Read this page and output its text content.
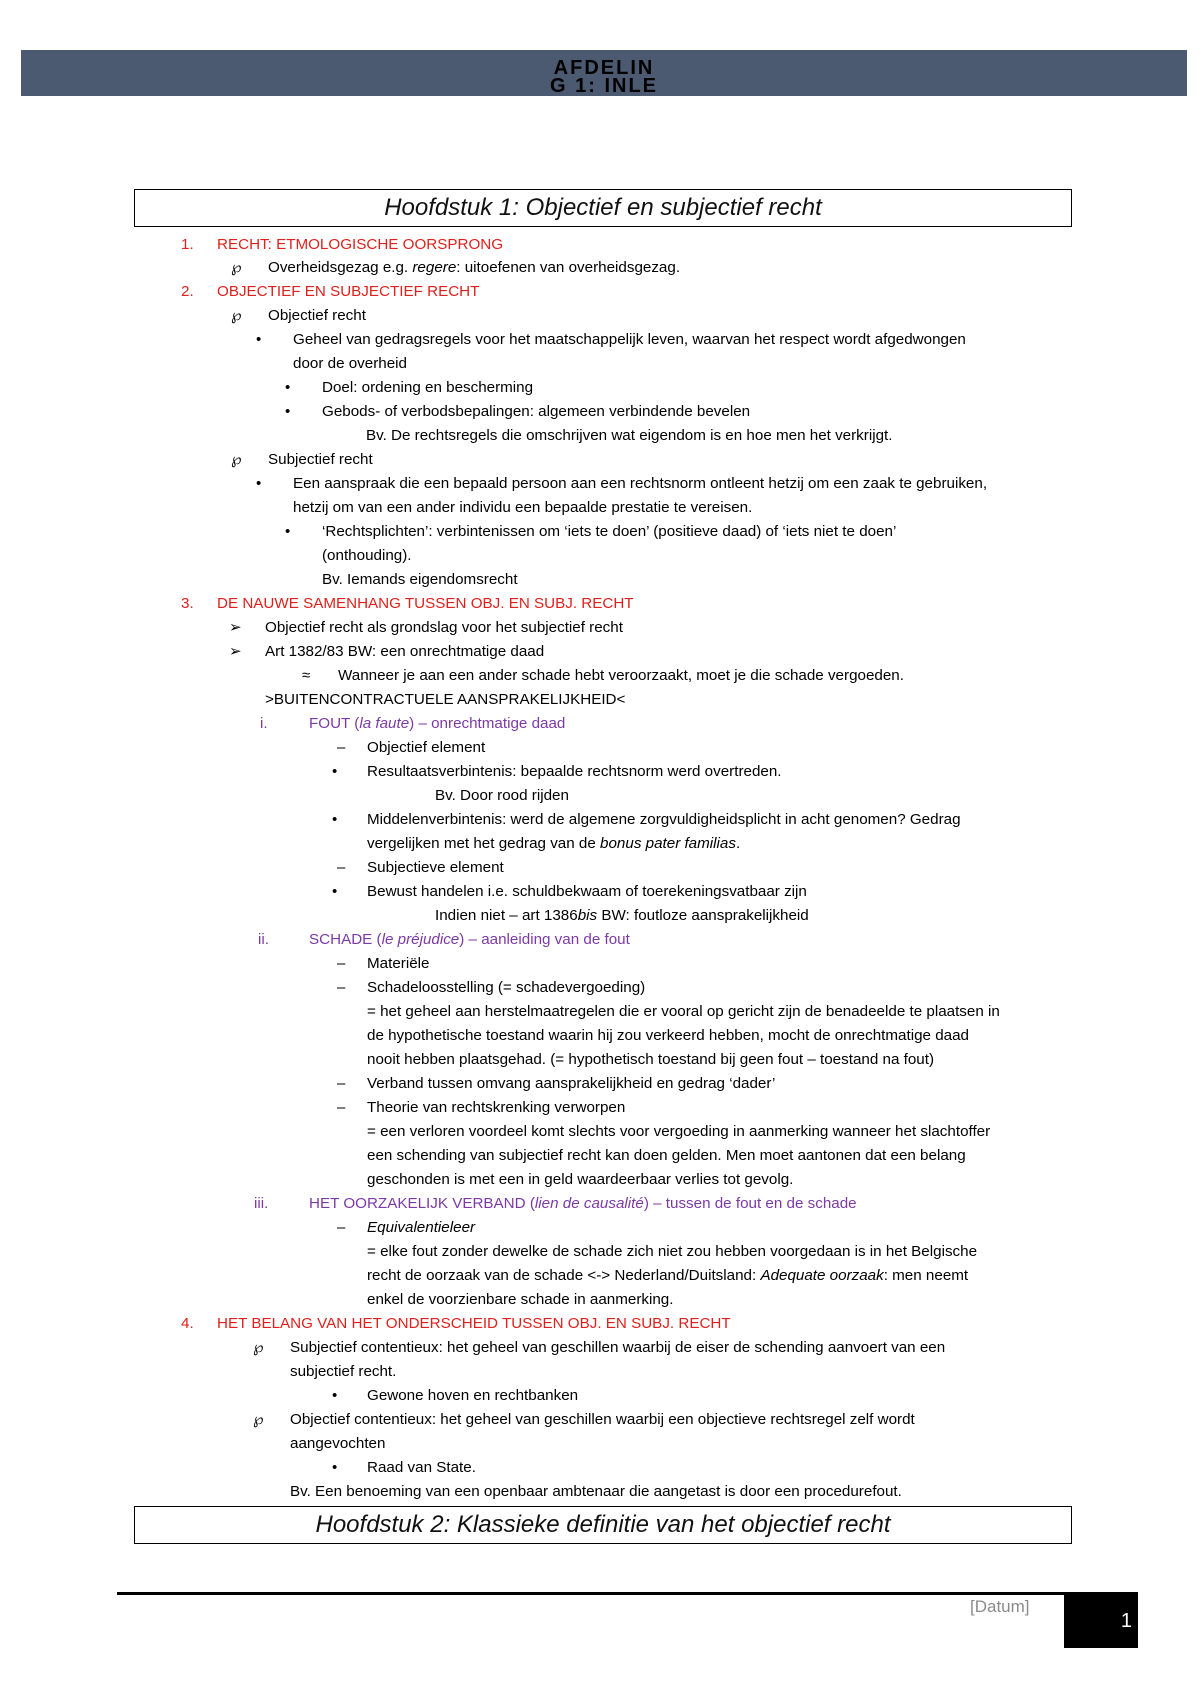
AFDELIN
G 1: INLE
Hoofdstuk 1: Objectief en subjectief recht
1. RECHT: ETMOLOGISCHE OORSPRONG
℘ Overheidsgezag e.g. regere: uitoefenen van overheidsgezag.
2. OBJECTIEF EN SUBJECTIEF RECHT
℘ Objectief recht
• Geheel van gedragsregels voor het maatschappelijk leven, waarvan het respect wordt afgedwongen
door de overheid
• Doel: ordening en bescherming
• Gebods- of verbodsbepalingen: algemeen verbindende bevelen
Bv. De rechtsregels die omschrijven wat eigendom is en hoe men het verkrijgt.
℘ Subjectief recht
• Een aanspraak die een bepaald persoon aan een rechtsnorm ontleent hetzij om een zaak te gebruiken,
hetzij om van een ander individu een bepaalde prestatie te vereisen.
• ‘Rechtsplichten’: verbintenissen om ‘iets te doen’ (positieve daad) of ‘iets niet te doen’
(onthouding).
Bv. Iemands eigendomsrecht
3. DE NAUWE SAMENHANG TUSSEN OBJ. EN SUBJ. RECHT
➢ Objectief recht als grondslag voor het subjectief recht
➢ Art 1382/83 BW: een onrechtmatige daad
≈ Wanneer je aan een ander schade hebt veroorzaakt, moet je die schade vergoeden.
>BUITENCONTRACTUELE AANSPRAKELIJKHEID<
i.	FOUT (la faute) – onrechtmatige daad
– Objectief element
• Resultaatsverbintenis: bepaalde rechtsnorm werd overtreden.
Bv. Door rood rijden
• Middelenverbintenis: werd de algemene zorgvuldigheidsplicht in acht genomen? Gedrag
vergelijken met het gedrag van de bonus pater familias.
– Subjectieve element
• Bewust handelen i.e. schuldbekwaam of toerekeningsvatbaar zijn
Indien niet – art 1386bis BW: foutloze aansprakelijkheid
ii.	SCHADE (le préjudice) – aanleiding van de fout
– Materiële
– Schadeloosstelling (= schadevergoeding)
= het geheel aan herstelmaatregelen die er vooral op gericht zijn de benadeelde te plaatsen in
de hypothetische toestand waarin hij zou verkeerd hebben, mocht de onrechtmatige daad
nooit hebben plaatsgehad. (= hypothetisch toestand bij geen fout – toestand na fout)
– Verband tussen omvang aansprakelijkheid en gedrag ‘dader’
– Theorie van rechtskrenking verworpen
= een verloren voordeel komt slechts voor vergoeding in aanmerking wanneer het slachtoffer
een schending van subjectief recht kan doen gelden. Men moet aantonen dat een belang
geschonden is met een in geld waardeerbaar verlies tot gevolg.
iii.	HET OORZAKELIJK VERBAND (lien de causalité) – tussen de fout en de schade
– Equivalentieleer
= elke fout zonder dewelke de schade zich niet zou hebben voorgedaan is in het Belgische
recht de oorzaak van de schade <-> Nederland/Duitsland: Adequate oorzaak: men neemt
enkel de voorzienbare schade in aanmerking.
4. HET BELANG VAN HET ONDERSCHEID TUSSEN OBJ. EN SUBJ. RECHT
℘ Subjectief contentieux: het geheel van geschillen waarbij de eiser de schending aanvoert van een
subjectief recht.
• Gewone hoven en rechtbanken
℘ Objectief contentieux: het geheel van geschillen waarbij een objectieve rechtsregel zelf wordt
aangevochten
• Raad van State.
Bv. Een benoeming van een openbaar ambtenaar die aangetast is door een procedurefout.
Hoofdstuk 2: Klassieke definitie van het objectief recht
[Datum]
1
